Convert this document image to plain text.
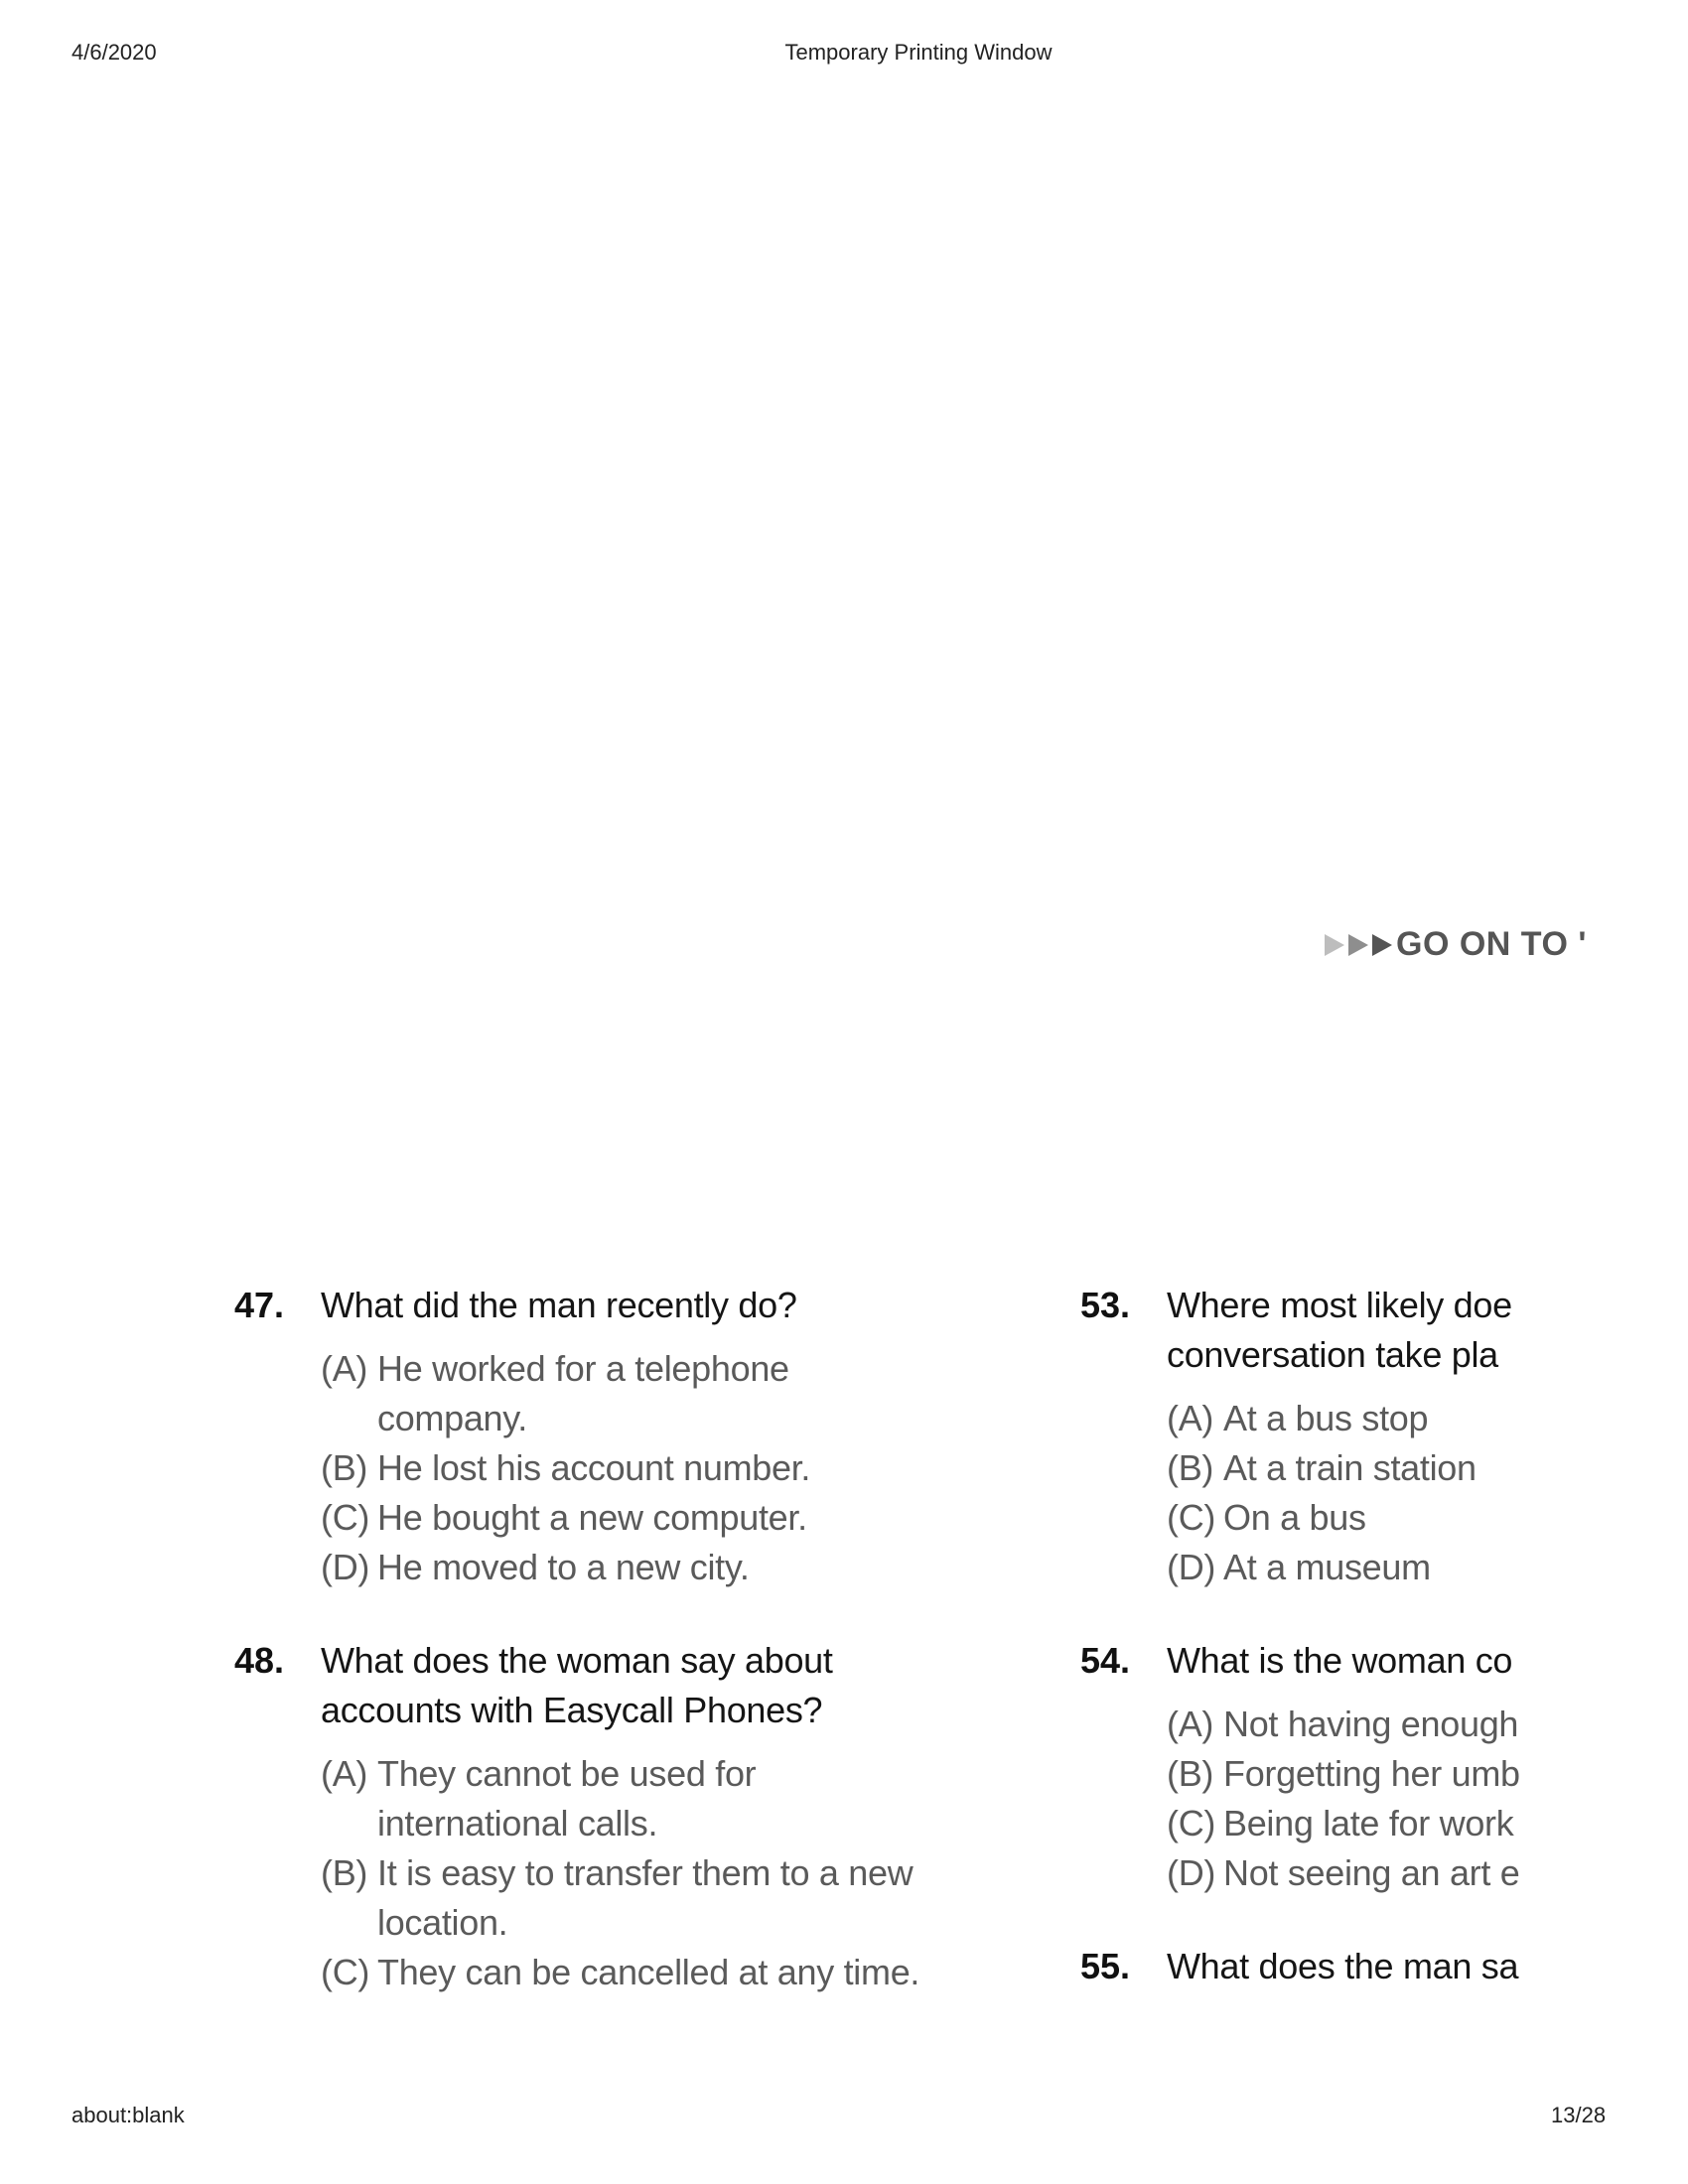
4/6/2020	Temporary Printing Window
GO ON TO '
47. What did the man recently do?
(A) He worked for a telephone
company.
(B) He lost his account number.
(C) He bought a new computer.
(D) He moved to a new city.
48. What does the woman say about
accounts with Easycall Phones?
(A) They cannot be used for
international calls.
(B) It is easy to transfer them to a new
location.
(C) They can be cancelled at any time.
53. Where most likely doe
conversation take pla
(A) At a bus stop
(B) At a train station
(C) On a bus
(D) At a museum
54. What is the woman co
(A) Not having enough
(B) Forgetting her umb
(C) Being late for work
(D) Not seeing an art e
55. What does the man sa
about:blank	13/28
